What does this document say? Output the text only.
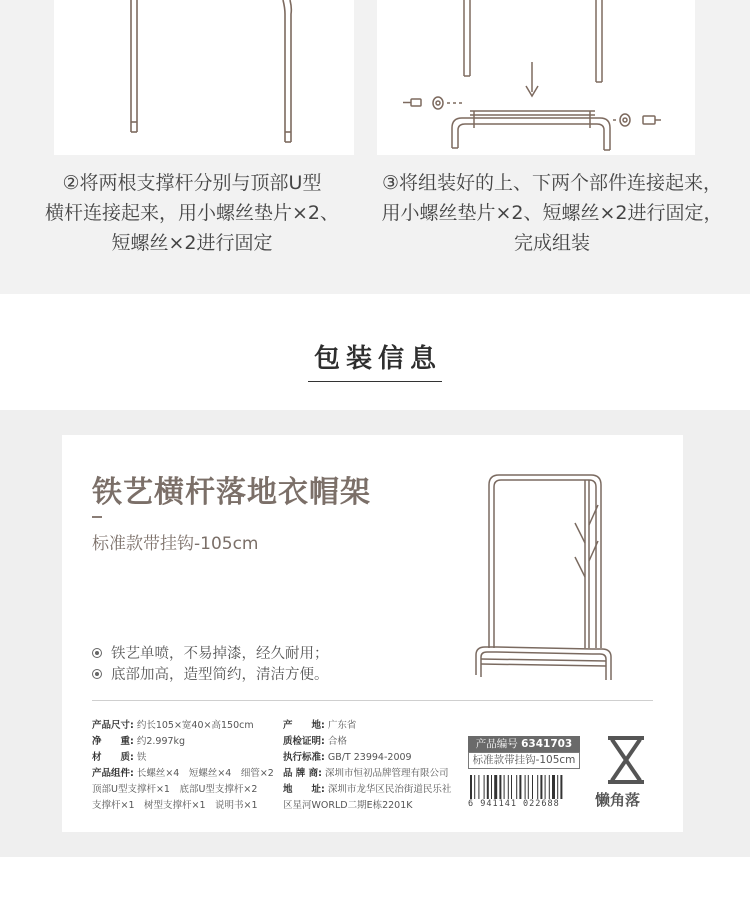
②将两根支撑杆分别与顶部U型
横杆连接起来，用小螺丝垫片×2、
短螺丝×2进行固定
③将组装好的上、下两个部件连接起来，
用小螺丝垫片×2、短螺丝×2进行固定，
完成组装
包装信息
铁艺横杆落地衣帽架
标准款带挂钩-105cm
铁艺单喷，不易掉漆，经久耐用；
底部加高，造型简约，清洁方便。
产品尺寸: 约长105×宽40×高150cm
净　　重: 约2.997kg
材　　质: 铁
产品组件: 长螺丝×4　短螺丝×4　细管×2
顶部U型支撑杆×1　底部U型支撑杆×2
支撑杆×1　树型支撑杆×1　说明书×1
产　　地: 广东省
质检证明: 合格
执行标准: GB/T 23994-2009
品 牌 商: 深圳市恒初品牌管理有限公司
地　　址: 深圳市龙华区民治街道民乐社
区星河WORLD二期E栋2201K
产品编号 6341703
标准款带挂钩-105cm
6 941141 022688	懒角落
